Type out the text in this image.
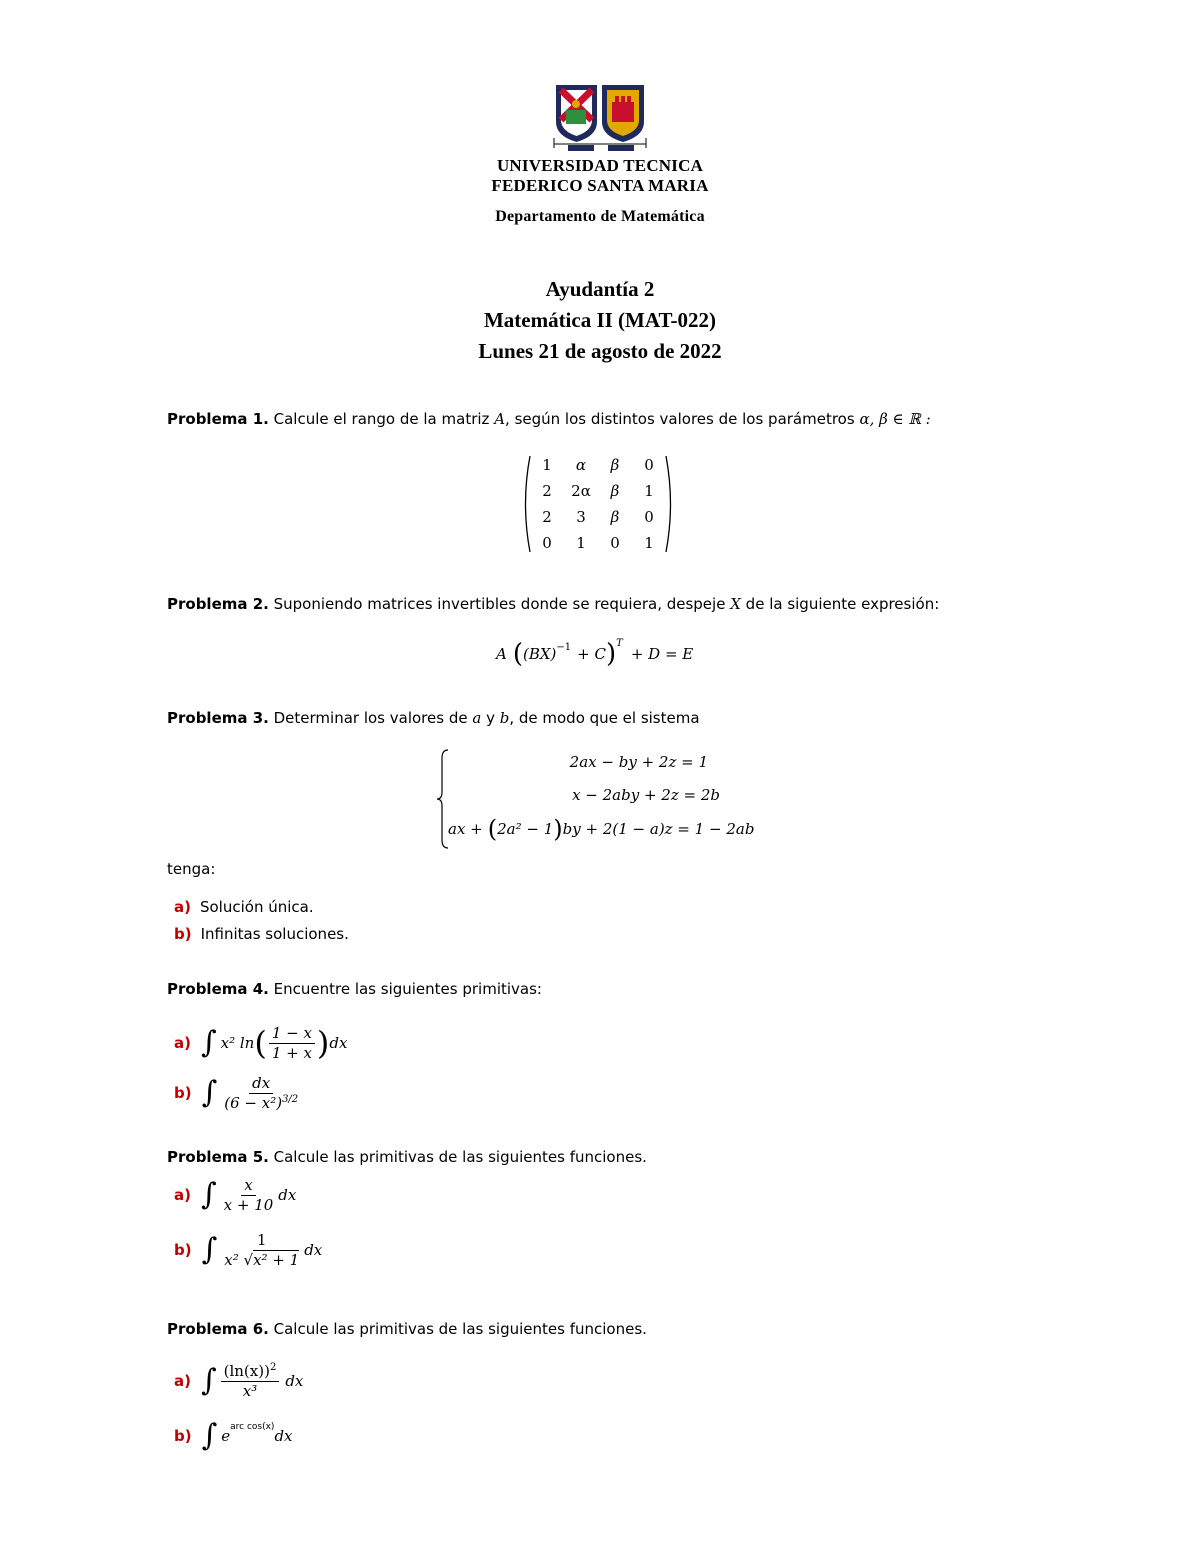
UNIVERSIDAD TECNICA
FEDERICO SANTA MARIA
Departamento de Matemática
Ayudantía 2
Matemática II (MAT-022)
Lunes 21 de agosto de 2022
Problema 1. Calcule el rango de la matriz A, según los distintos valores de los parámetros α, β ∈ ℝ :
1	α	β	0
2	2α	β	1
2	3	β	0
0	1	0	1
Problema 2. Suponiendo matrices invertibles donde se requiera, despeje X de la siguiente expresión:
A ( (BX)$^{-1}$ + C )$^T$
+ D = E
Problema 3. Determinar los valores de a y b, de modo que el sistema
2ax − by + 2z = 1
x − 2aby + 2z = 2b
ax + ( 2a² − 1 ) by + 2(1 − a)z = 1 − 2ab
tenga:
a) Solución única.
b) Infinitas soluciones.
Problema 4. Encuentre las siguientes primitivas:
a) ∫ x² ln ( $\frac{1 - x}{1 + x}$ ) dx
b) ∫ $\frac{dx}{(6 - x^2)^{3/2}}$
Problema 5. Calcule las primitivas de las siguientes funciones.
a) ∫ $\frac{x}{x + 10}$ dx
b) ∫ $\frac{1}{\text{x² √x² + 1}}$ dx
Problema 6. Calcule las primitivas de las siguientes funciones.
a) ∫ $\frac{(\ln(x))^2}{\text{x³}}$ dx
b) ∫ $e^{arc cos(x)}$ dx
